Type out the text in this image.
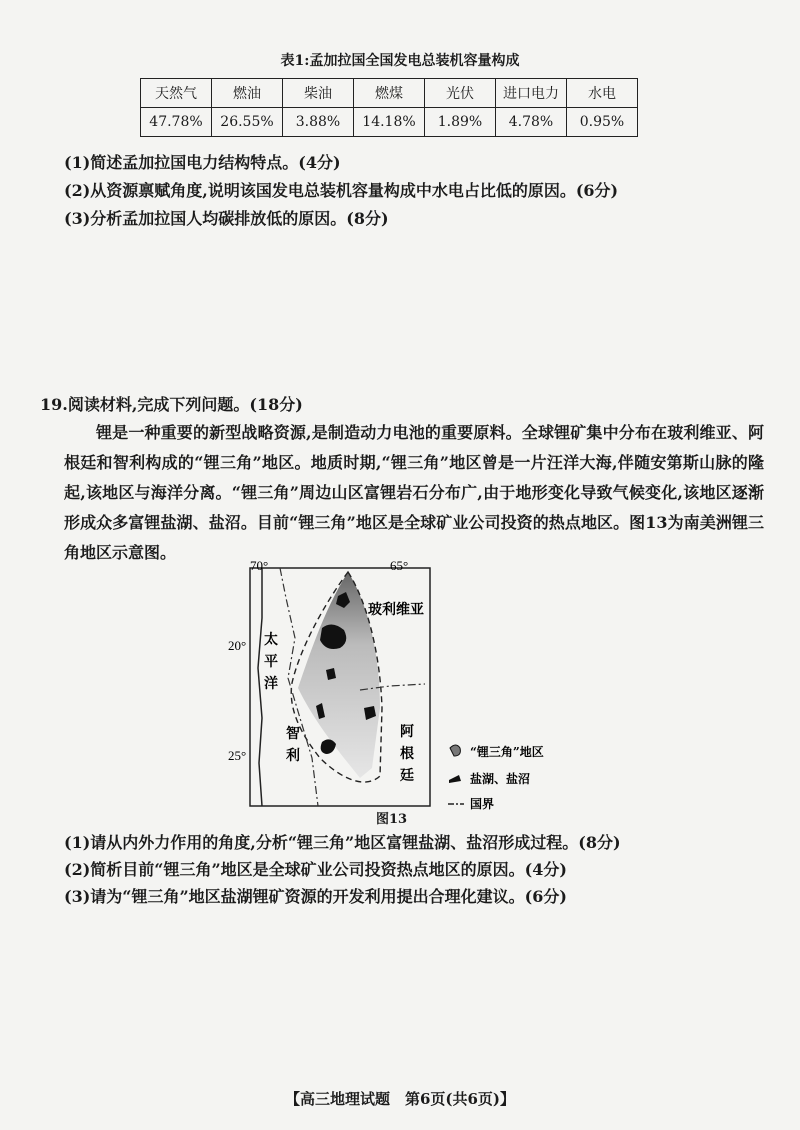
表1:孟加拉国全国发电总装机容量构成
天然气	燃油	柴油	燃煤	光伏	进口电力	水电
47.78%	26.55%	3.88%	14.18%	1.89%	4.78%	0.95%
(1)简述孟加拉国电力结构特点。(4分)
(2)从资源禀赋角度,说明该国发电总装机容量构成中水电占比低的原因。(6分)
(3)分析孟加拉国人均碳排放低的原因。(8分)
19.阅读材料,完成下列问题。(18分)

锂是一种重要的新型战略资源,是制造动力电池的重要原料。全球锂矿集中分布在玻利维亚、阿根廷和智利构成的“锂三角”地区。地质时期,“锂三角”地区曾是一片汪洋大海,伴随安第斯山脉的隆起,该地区与海洋分离。“锂三角”周边山区富锂岩石分布广,由于地形变化导致气候变化,该地区逐渐形成众多富锂盐湖、盐沼。目前“锂三角”地区是全球矿业公司投资的热点地区。图13为南美洲锂三角地区示意图。

70°	65°
20°
25°
太平洋
玻利维亚
阿根廷
智利	“锂三角”地区
盐湖、盐沼
国界
图13
(1)请从内外力作用的角度,分析“锂三角”地区富锂盐湖、盐沼形成过程。(8分)
(2)简析目前“锂三角”地区是全球矿业公司投资热点地区的原因。(4分)
(3)请为“锂三角”地区盐湖锂矿资源的开发利用提出合理化建议。(6分)
【高三地理试题　第6页(共6页)】
